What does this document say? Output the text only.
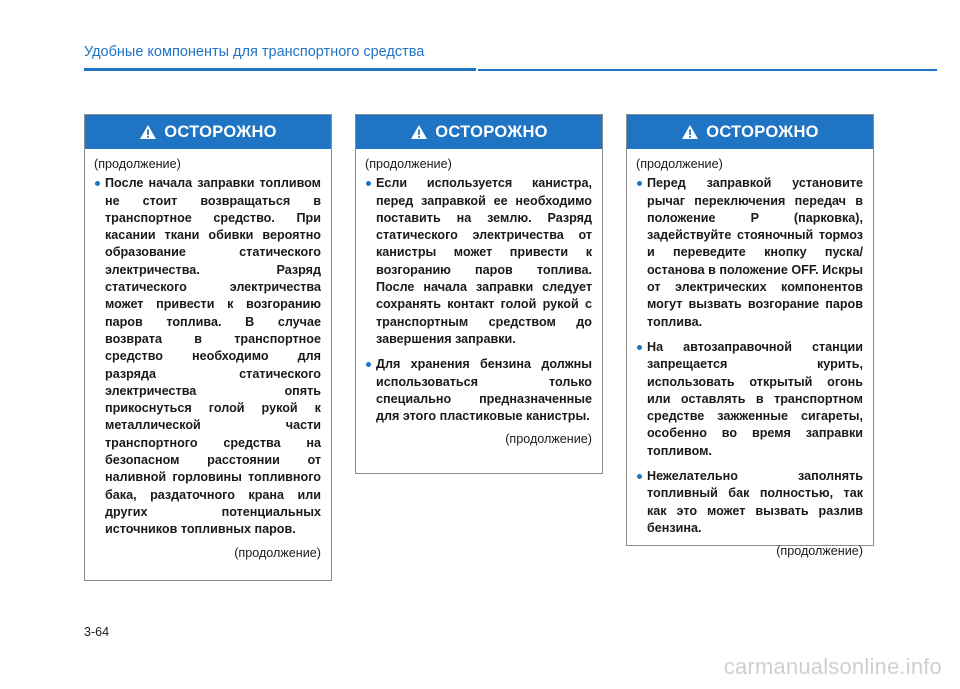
Удобные компоненты для транспортного средства
ОСТОРОЖНО
(продолжение)
После начала заправки топливом не стоит возвращаться в транспортное средство. При касании ткани обивки вероятно образование статического электричества. Разряд статического электричества может привести к возгоранию паров топлива. В случае возврата в транспортное средство необходимо для разряда статического электричества опять прикоснуться голой рукой к металлической части транспортного средства на безопасном расстоянии от наливной горловины топливного бака, раздаточного крана или других потенциальных источников топливных паров.
(продолжение)
ОСТОРОЖНО
(продолжение)
Если используется канистра, перед заправкой ее необходимо поставить на землю. Разряд статического электричества от канистры может привести к возгоранию паров топлива. После начала заправки следует сохранять контакт голой рукой с транспортным средством до завершения заправки.
Для хранения бензина должны использоваться только специально предназначенные для этого пластиковые канистры.
(продолжение)
ОСТОРОЖНО
(продолжение)
Перед заправкой установите рычаг переключения передач в положение P (парковка), задействуйте стояночный тормоз и переведите кнопку пуска/останова в положение OFF. Искры от электрических компонентов могут вызвать возгорание паров топлива.
На автозаправочной станции запрещается курить, использовать открытый огонь или оставлять в транспортном средстве зажженные сигареты, особенно во время заправки топливом.
Нежелательно заполнять топливный бак полностью, так как это может вызвать разлив бензина.
(продолжение)
3-64
carmanualsonline.info
